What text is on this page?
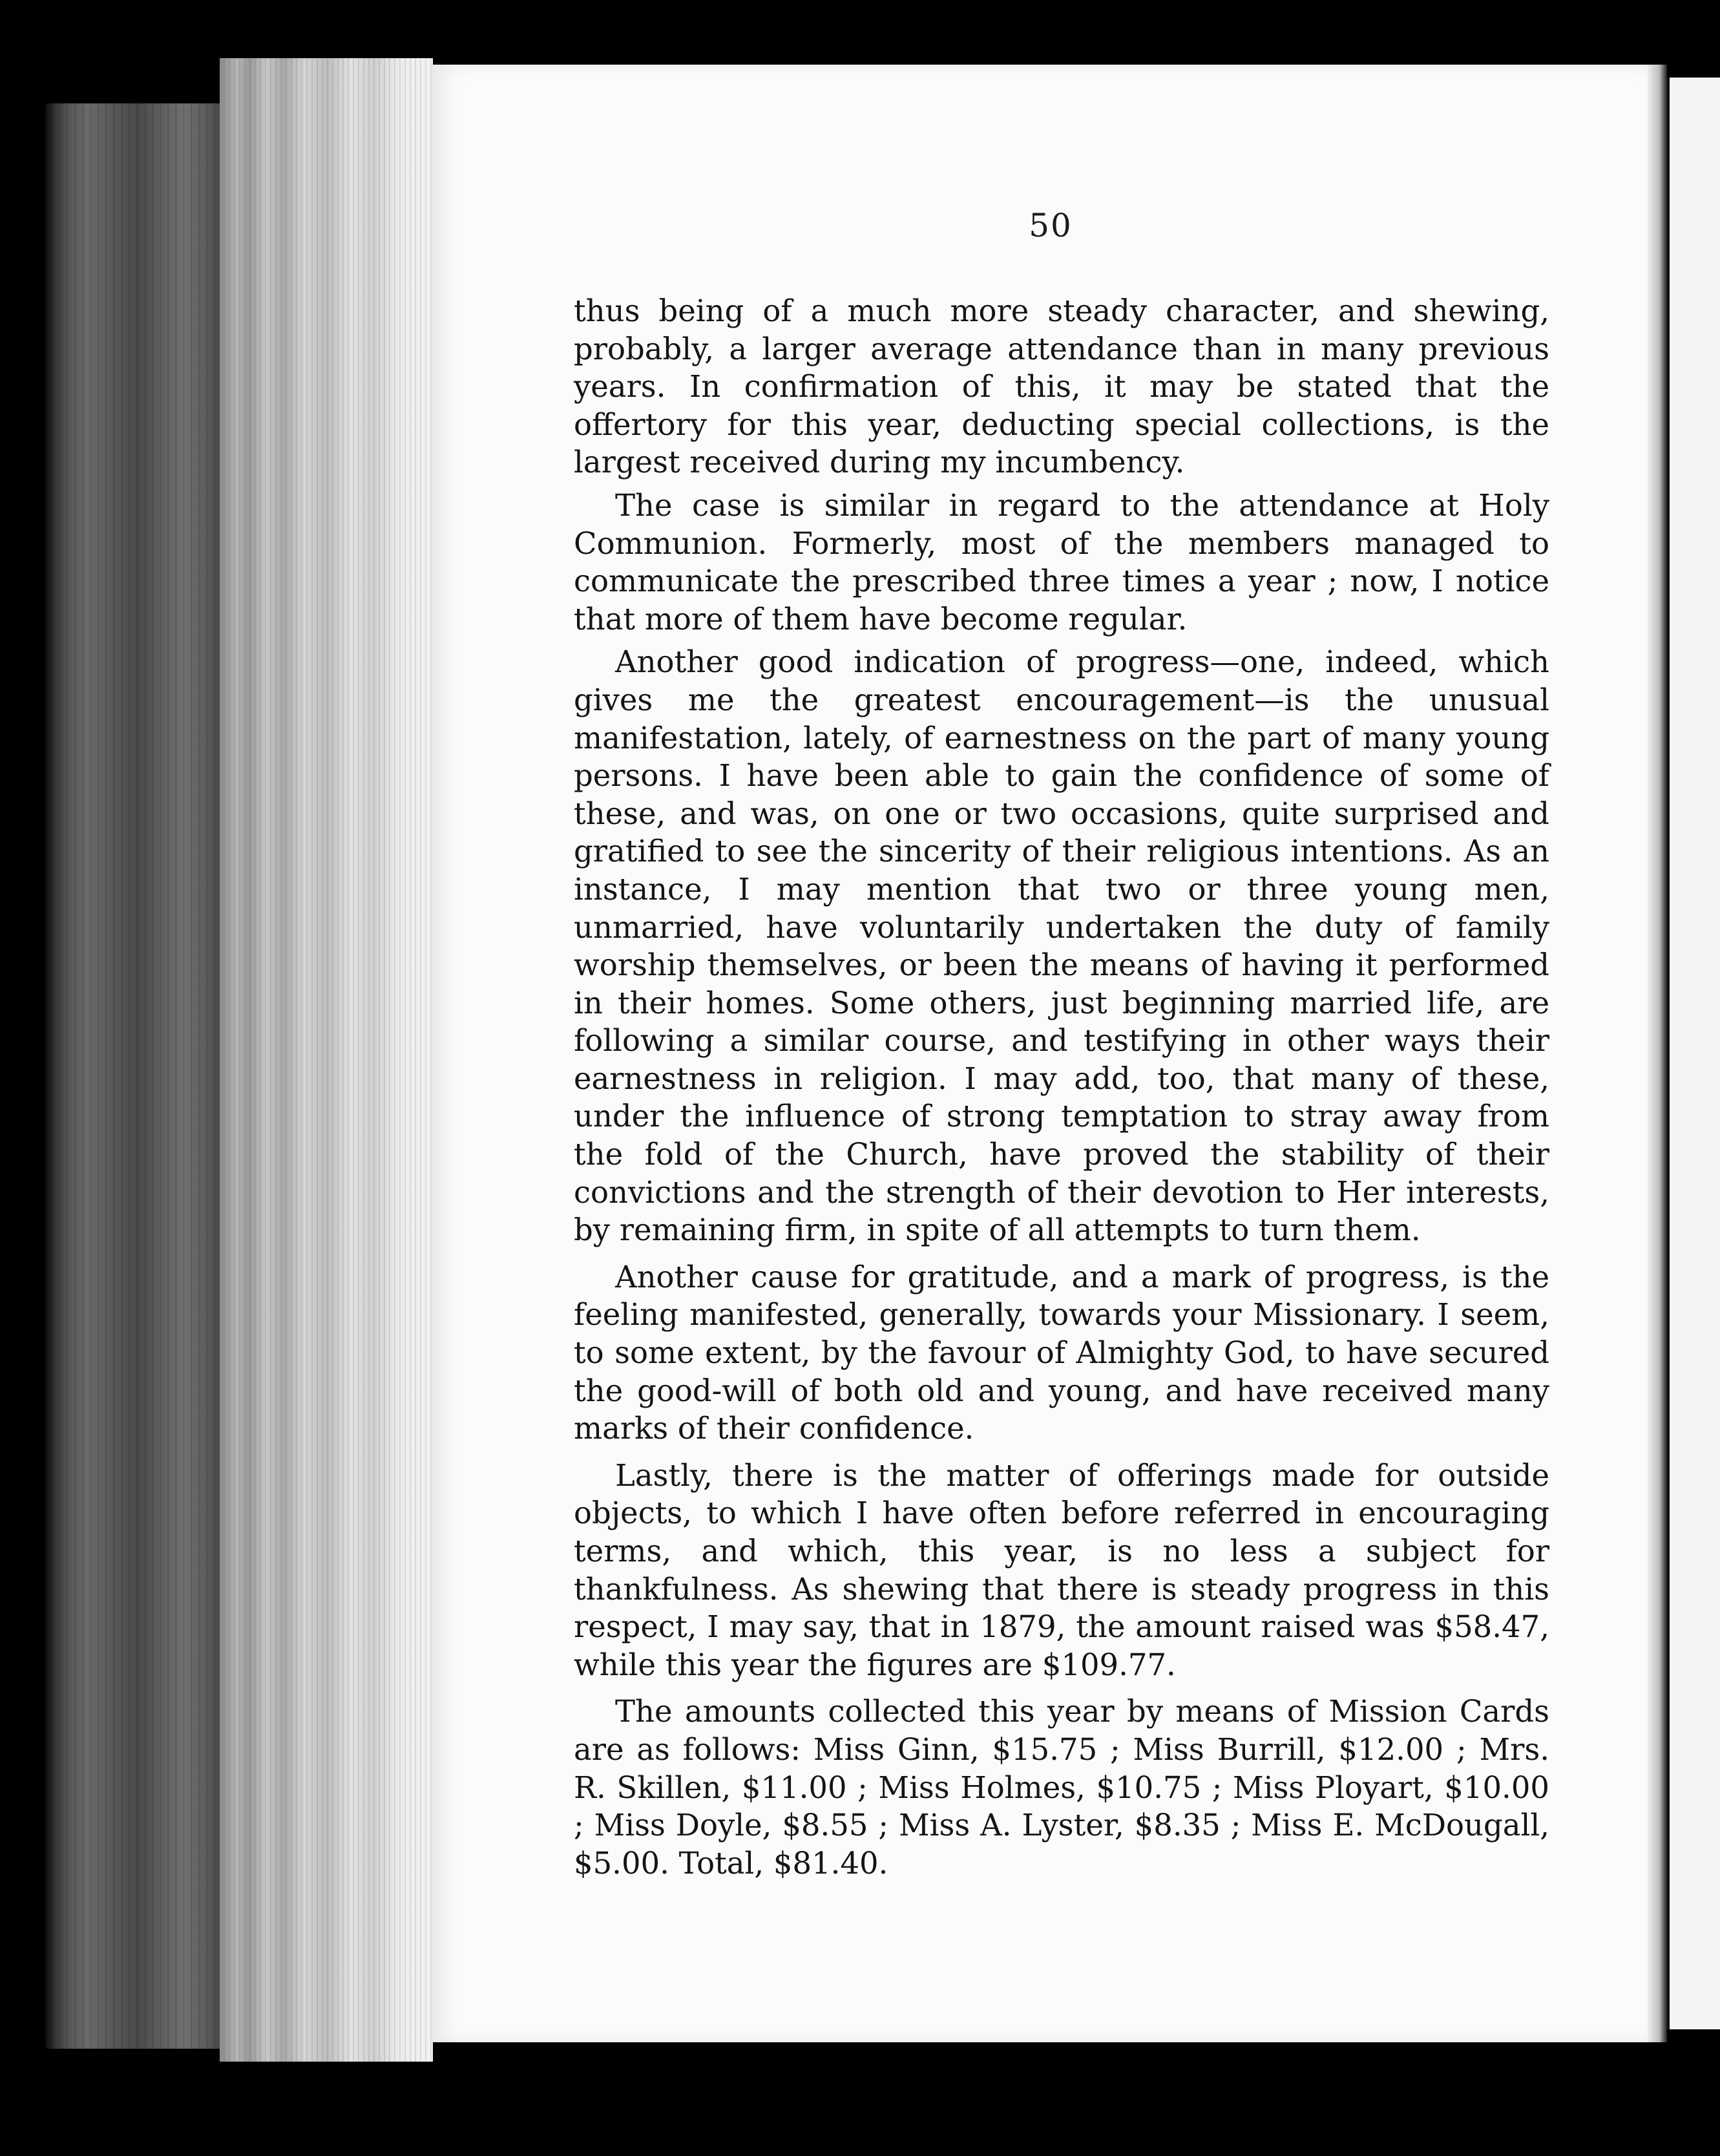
50

thus being of a much more steady character, and shewing, probably, a larger average attendance than in many previous years. In confirmation of this, it may be stated that the offertory for this year, deducting special collections, is the largest received during my incumbency.

The case is similar in regard to the attendance at Holy Communion. Formerly, most of the members managed to communicate the prescribed three times a year ; now, I notice that more of them have become regular.

Another good indication of progress—one, indeed, which gives me the greatest encouragement—is the unusual manifestation, lately, of earnestness on the part of many young persons. I have been able to gain the confidence of some of these, and was, on one or two occasions, quite surprised and gratified to see the sincerity of their religious intentions. As an instance, I may mention that two or three young men, unmarried, have voluntarily undertaken the duty of family worship themselves, or been the means of having it performed in their homes. Some others, just beginning married life, are following a similar course, and testifying in other ways their earnestness in religion. I may add, too, that many of these, under the influence of strong temptation to stray away from the fold of the Church, have proved the stability of their convictions and the strength of their devotion to Her interests, by remaining firm, in spite of all attempts to turn them.

Another cause for gratitude, and a mark of progress, is the feeling manifested, generally, towards your Missionary. I seem, to some extent, by the favour of Almighty God, to have secured the good-will of both old and young, and have received many marks of their confidence.

Lastly, there is the matter of offerings made for outside objects, to which I have often before referred in encouraging terms, and which, this year, is no less a subject for thankfulness. As shewing that there is steady progress in this respect, I may say, that in 1879, the amount raised was $58.47, while this year the figures are $109.77.

The amounts collected this year by means of Mission Cards are as follows: Miss Ginn, $15.75 ; Miss Burrill, $12.00 ; Mrs. R. Skillen, $11.00 ; Miss Holmes, $10.75 ; Miss Ployart, $10.00 ; Miss Doyle, $8.55 ; Miss A. Lyster, $8.35 ; Miss E. McDougall, $5.00. Total, $81.40.
